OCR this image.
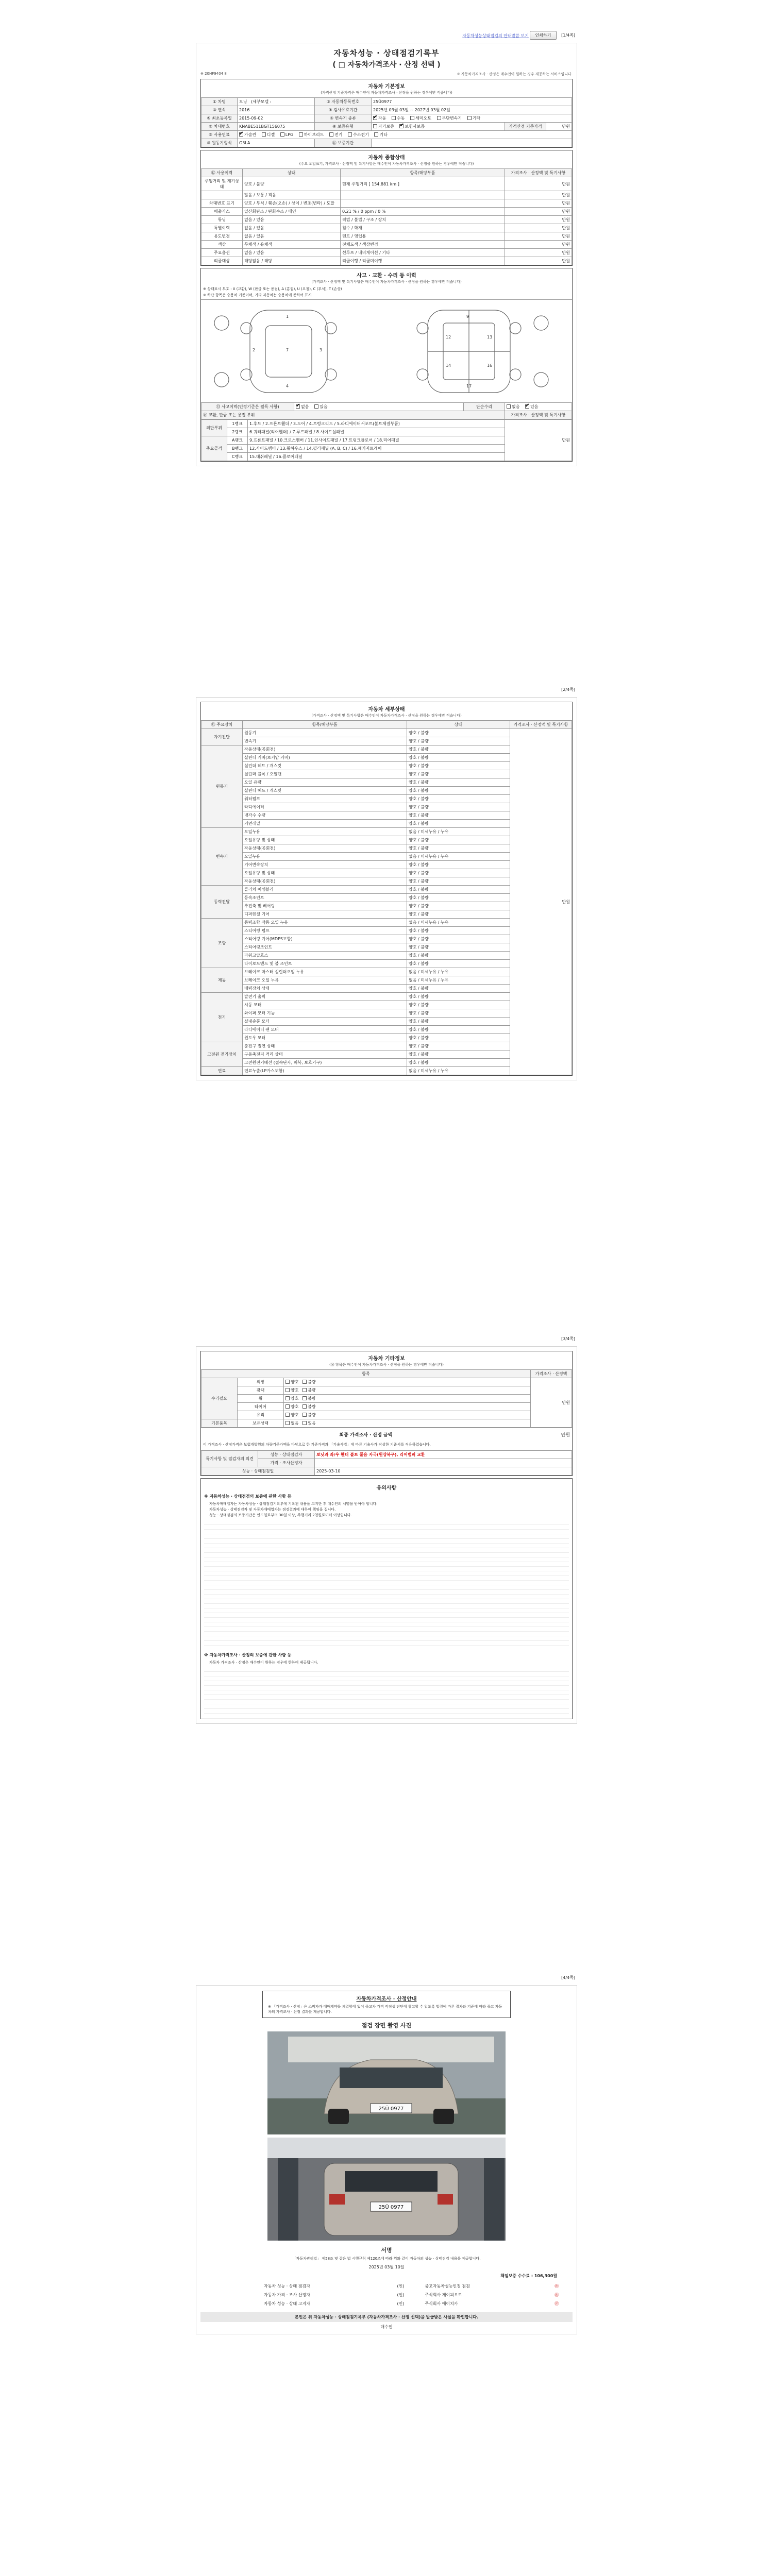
자동차성능상태점검의 안내말씀 보기	인쇄하기	[1/4쪽]
자동차성능 · 상태점검기록부
( □ 자동차가격조사 · 산정 선택 )
※ 20HF9404 8	※ 자동차가격조사 · 산정은 매수인이 원하는 경우 제공하는 서비스임니다.
자동차 기본정보
(가격산정 기준가격은 매수인이 자동차가격조사 · 산정을 원하는 경우에만 적습니다)
① 차명	모닝 (세부모델 :	② 자동차등록번호	25Ü0977		
③ 연식	2016	④ 검사유효기간	2025년 03월 03일 ~ 2027년 03월 02일		
⑤ 최초등록일	2015-09-02	⑥ 변속기 종류	✔자동 수동 세미오토 무단변속기 기타
⑦ 차대번호	KNABE511BGT156075	⑧ 보증유형	자가보증 ✔ 보험사보증	가격산정 기준가격	만원
⑨ 사용연료	✔가솔린 디젤 LPG 하이브리드 전기 수소전기 기타
⑩ 원동기형식	G3LA	⑪ 보증기간			
자동차 종합상태
(주요 오일표기, 가격조사 · 산정액 및 특기사항은 매수인이 자동차가격조사 · 산정을 원하는 경우에만 적습니다)
⑫ 사용이력	상태	항목/해당부품	가격조사 · 산정액 및 특기사항
주행거리 및 계기상태	양호 / 불량	현재 주행거리 [ 154,881 km ]	만원
	많음 / 보통 / 적음		만원
차대번호 표기	양호 / 부식 / 훼손(오손) / 상이 / 변조(변타) / 도말		만원
배출가스	일산화탄소 / 탄화수소 / 매연	0.21 % / 0 ppm / 0 %	만원
튜닝	없음 / 있음	적법 / 불법 / 구조 / 장치	만원
특별이력	없음 / 있음	침수 / 화재	만원
용도변경	없음 / 있음	렌트 / 영업용	만원
색상	무채색 / 유채색	전체도색 / 색상변경	만원
주요옵션	없음 / 있음	선루프 / 네비게이션 / 기타	만원
리콜대상	해당없음 / 해당	리콜이행 / 리콜미이행	만원
사고 · 교환 · 수리 등 이력
(가격조사 · 산정액 및 특기사항은 매수인이 자동차가격조사 · 산정을 원하는 경우에만 적습니다)
※ 상태표시 부호 : X (교환), W (판금 또는 용접), A (흠집), U (요철), C (부식), T (손상)
※ 하단 항목은 승용차 기준이며, 기타 자동차는 승용차에 준하여 표시
1
2	3
4
7
9
12	13
14	16
17
⑬ 사고이력(인정기준은 필독 사항)	✔없음 있음	단순수리	없음 ✔ 있음
⑭ 교환, 판금 또는 용접 부위			가격조사 · 산정액 및 특기사항
외판부위	1랭크	1.후드 / 2.프론트휀더 / 3.도어 / 4.트렁크리드 / 5.라디에이터서포트(볼트체결부품)	만원
	2랭크	6.쿼터패널(리어휀더) / 7.루프패널 / 8.사이드실패널	
주요골격	A랭크	9.프론트패널 / 10.크로스멤버 / 11.인사이드패널 / 17.트렁크플로어 / 18.리어패널	
	B랭크	12.사이드멤버 / 13.휠하우스 / 14.필러패널 (A, B, C) / 16.패키지트레이	
	C랭크	15.대쉬패널 / 16.플로어패널	
[2/4쪽]
자동차 세부상태
(가격조사 · 산정액 및 특기사항은 매수인이 자동차가격조사 · 산정을 원하는 경우에만 적습니다)
⑮ 주요장치	항목/해당부품	상태	가격조사 · 산정액 및 특기사항
자기진단	원동기	양호 / 불량	만원
	변속기	양호 / 불량	
원동기	작동상태(공회전)	양호 / 불량	
	실린더 커버(로커암 커버)	양호 / 불량	
	실린더 헤드 / 개스킷	양호 / 불량	
	실린더 블록 / 오일팬	양호 / 불량	
	오일 유량	양호 / 불량	
	실린더 헤드 / 개스킷	양호 / 불량	
	워터펌프	양호 / 불량	
	라디에이터	양호 / 불량	
	냉각수 수량	양호 / 불량	
	커먼레일	양호 / 불량	
변속기	오일누유	없음 / 미세누유 / 누유	
	오일유량 및 상태	양호 / 불량	
	작동상태(공회전)	양호 / 불량	
	오일누유	없음 / 미세누유 / 누유	
	기어변속장치	양호 / 불량	
	오일유량 및 상태	양호 / 불량	
	작동상태(공회전)	양호 / 불량	
동력전달	클러치 어셈블리	양호 / 불량	
	등속조인트	양호 / 불량	
	추진축 및 베어링	양호 / 불량	
	디퍼렌셜 기어	양호 / 불량	
조향	동력조향 작동 오일 누유	없음 / 미세누유 / 누유	
	스티어링 펌프	양호 / 불량	
	스티어링 기어(MDPS포함)	양호 / 불량	
	스티어링조인트	양호 / 불량	
	파워고압호스	양호 / 불량	
	타이로드엔드 및 볼 조인트	양호 / 불량	
제동	브레이크 마스터 실린더오일 누유	없음 / 미세누유 / 누유	
	브레이크 오일 누유	없음 / 미세누유 / 누유	
	배력장치 상태	양호 / 불량	
전기	발전기 출력	양호 / 불량	
	시동 모터	양호 / 불량	
	와이퍼 모터 기능	양호 / 불량	
	실내송풍 모터	양호 / 불량	
	라디에이터 팬 모터	양호 / 불량	
	윈도우 모터	양호 / 불량	
고전원 전기장치	충전구 절연 상태	양호 / 불량	
	구동축전지 격리 상태	양호 / 불량	
	고전원전기배선 (접속단자, 피복, 보호기구)	양호 / 불량	
연료	연료누출(LP가스포함)	없음 / 미세누유 / 누유	
[3/4쪽]
자동차 기타정보
(⑯ 항목은 매수인이 자동차가격조사 · 산정을 원하는 경우에만 적습니다)
항목			가격조사 · 산정액
수리필요	외장	양호   불량	만원
	광택	양호   불량	
	휠	양호   불량	
	타이어	양호   불량	
	유리	양호   불량	
기본품목	보유상태	없음   있음	
최종 가격조사 · 산정 금액	만원
이 가격조사 · 산정가격은 보험개발원의 차량기준가액을 바탕으로 한 기준가격과 「기술사법」에 따른 기술사가 작성한 기준서를 적용하였습니다.
특기사항 및 점검자의 의견	성능 · 상태점검자	보닛과 좌/우 휀더 볼트 풀음 자국(원상복구), 리어범퍼 교환
	가격 · 조사산정자	
성능 · 상태점검일		2025-03-10
유의사항
※ 자동차성능 · 상태점검의 보증에 관한 사항 등
자동차매매업자는 자동차성능 · 상태점검기록부에 기록된 내용을 고지한 후 매수인의 서명을 받아야 합니다.
자동차성능 · 상태점검자 및 자동차매매업자는 점검결과에 대하여 책임을 집니다.
성능 · 상태점검의 보증기간은 인도일로부터 30일 이상, 주행거리 2천킬로미터 이상입니다.
※ 자동차가격조사 · 산정의 보증에 관한 사항 등
자동차 가격조사 · 산정은 매수인이 원하는 경우에 한하여 제공됩니다.
[4/4쪽]
자동차가격조사 · 산정안내
※ 「가격조사 · 산정」은 소비자가 매매계약을 체결함에 있어 중고차 가격 적정성 판단에 참고할 수 있도록 법령에 따른 절차와 기준에 따라 중고 자동차의 가격조사 · 산정 결과를 제공합니다.
점검 장면 촬영 사진
25Ü 0977
25Ü 0977
서명
「자동차관리법」 제58조 및 같은 법 시행규칙 제120조에 따라 위와 같이 자동차의 성능 · 상태점검 내용을 제공합니다.
2025년 03월 10일
책임보증 수수료 : 106,300원
	자동차 성능 · 상태 점검자	(인)	중고자동차성능인정 점검	㊞
	자동차 가격 · 조사 산정자	(인)	주식회사 제이피오토	㊞
	자동차 성능 · 상태 고지자	(인)	주식회사 에이치카	㊞
본인은 위 자동차성능 · 상태점검기록부 (자동차가격조사 · 산정 선택)을 발급받은 사실을 확인합니다.
매수인
